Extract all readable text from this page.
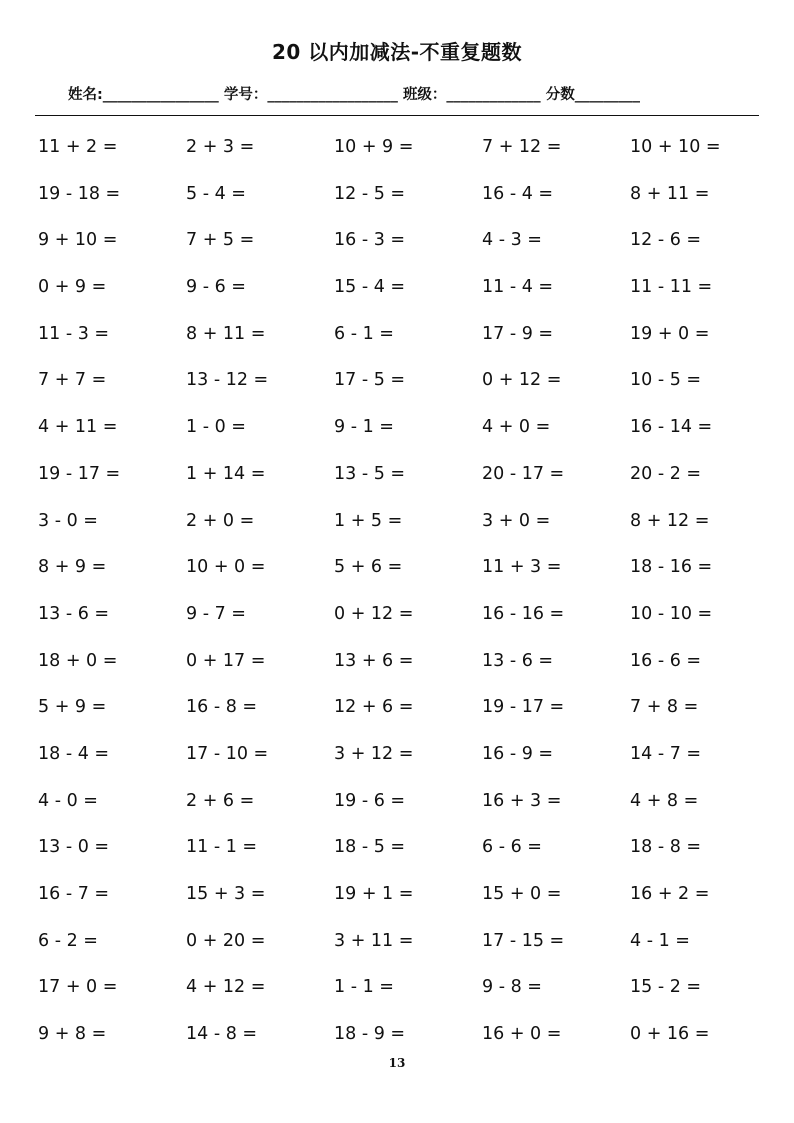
20 以内加减法-不重复题数
姓名:________________ 学号：__________________ 班级：_____________ 分数_________
11 + 2 =	2 + 3 =	10 + 9 =	7 + 12 =	10 + 10 =
19 - 18 =	5 - 4 =	12 - 5 =	16 - 4 =	8 + 11 =
9 + 10 =	7 + 5 =	16 - 3 =	4 - 3 =	12 - 6 =
0 + 9 =	9 - 6 =	15 - 4 =	11 - 4 =	11 - 11 =
11 - 3 =	8 + 11 =	6 - 1 =	17 - 9 =	19 + 0 =
7 + 7 =	13 - 12 =	17 - 5 =	0 + 12 =	10 - 5 =
4 + 11 =	1 - 0 =	9 - 1 =	4 + 0 =	16 - 14 =
19 - 17 =	1 + 14 =	13 - 5 =	20 - 17 =	20 - 2 =
3 - 0 =	2 + 0 =	1 + 5 =	3 + 0 =	8 + 12 =
8 + 9 =	10 + 0 =	5 + 6 =	11 + 3 =	18 - 16 =
13 - 6 =	9 - 7 =	0 + 12 =	16 - 16 =	10 - 10 =
18 + 0 =	0 + 17 =	13 + 6 =	13 - 6 =	16 - 6 =
5 + 9 =	16 - 8 =	12 + 6 =	19 - 17 =	7 + 8 =
18 - 4 =	17 - 10 =	3 + 12 =	16 - 9 =	14 - 7 =
4 - 0 =	2 + 6 =	19 - 6 =	16 + 3 =	4 + 8 =
13 - 0 =	11 - 1 =	18 - 5 =	6 - 6 =	18 - 8 =
16 - 7 =	15 + 3 =	19 + 1 =	15 + 0 =	16 + 2 =
6 - 2 =	0 + 20 =	3 + 11 =	17 - 15 =	4 - 1 =
17 + 0 =	4 + 12 =	1 - 1 =	9 - 8 =	15 - 2 =
9 + 8 =	14 - 8 =	18 - 9 =	16 + 0 =	0 + 16 =
13
